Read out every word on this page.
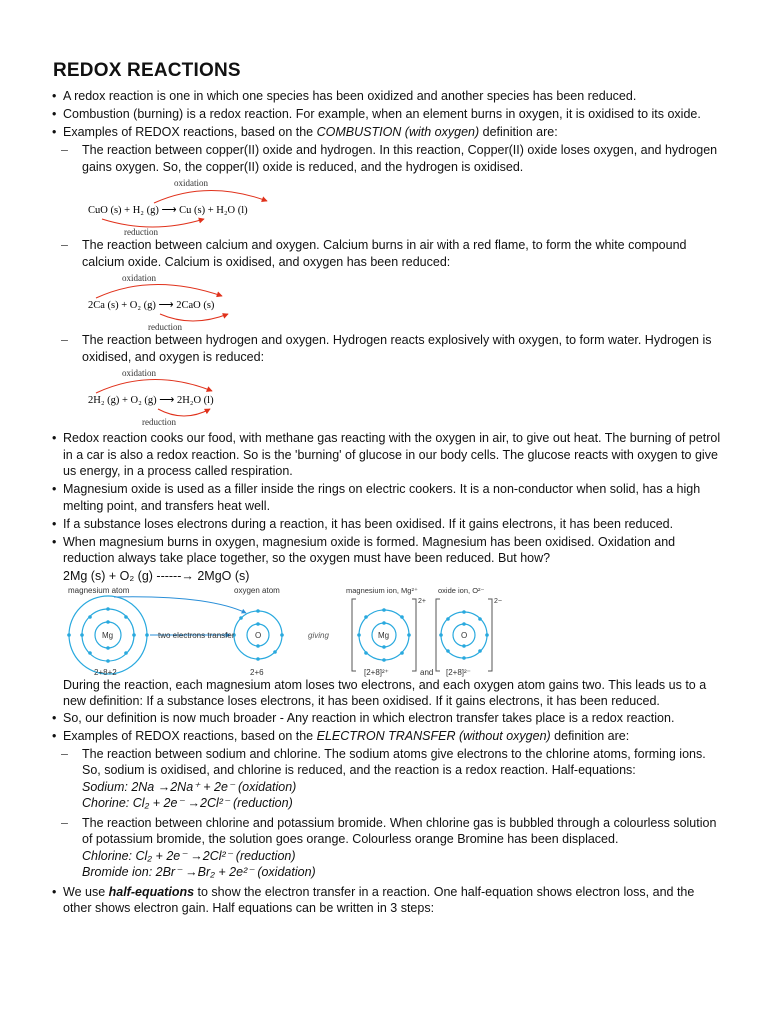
REDOX REACTIONS
• A redox reaction is one in which one species has been oxidized and another species has been reduced.
• Combustion (burning) is a redox reaction. For example, when an element burns in oxygen, it is oxidised to its oxide.
• Examples of REDOX reactions, based on the COMBUSTION (with oxygen) definition are:
– The reaction between copper(II) oxide and hydrogen. In this reaction, Copper(II) oxide loses oxygen, and hydrogen gains oxygen. So, the copper(II) oxide is reduced, and the hydrogen is oxidised.
oxidation
CuO (s) + H₂ (g) ⟶ Cu (s) + H₂O (l)
reduction
– The reaction between calcium and oxygen. Calcium burns in air with a red flame, to form the white compound calcium oxide. Calcium is oxidised, and oxygen has been reduced:
oxidation
2Ca (s) + O₂ (g) ⟶ 2CaO (s)
reduction
– The reaction between hydrogen and oxygen. Hydrogen reacts explosively with oxygen, to form water. Hydrogen is oxidised, and oxygen is reduced:
oxidation
2H₂ (g) + O₂ (g) ⟶ 2H₂O (l)
reduction
• Redox reaction cooks our food, with methane gas reacting with the oxygen in air, to give out heat. The burning of petrol in a car is also a redox reaction. So is the 'burning' of glucose in our body cells. The glucose reacts with oxygen to give us energy, in a process called respiration.
• Magnesium oxide is used as a filler inside the rings on electric cookers. It is a non-conductor when solid, has a high melting point, and transfers heat well.
• If a substance loses electrons during a reaction, it has been oxidised. If it gains electrons, it has been reduced.
• When magnesium burns in oxygen, magnesium oxide is formed. Magnesium has been oxidised. Oxidation and reduction always take place together, so the oxygen must have been reduced. But how?
2Mg (s) + O₂ (g) ------→ 2MgO (s)
magnesium atom	oxygen atom	magnesium ion, Mg²⁺	oxide ion, O²⁻
Mg	O
two electrons transfer	giving	Mg
2+
O
2−
2+8+2	2+6	[2+8]²⁺	and [2+8]²⁻
During the reaction, each magnesium atom loses two electrons, and each oxygen atom gains two. This leads us to a new definition: If a substance loses electrons, it has been oxidised. If it gains electrons, it has been reduced.
• So, our definition is now much broader - Any reaction in which electron transfer takes place is a redox reaction.
• Examples of REDOX reactions, based on the ELECTRON TRANSFER (without oxygen) definition are:
– The reaction between sodium and chlorine. The sodium atoms give electrons to the chlorine atoms, forming ions. So, sodium is oxidised, and chlorine is reduced, and the reaction is a redox reaction. Half-equations:
Sodium: 2Na →2Na⁺ + 2e⁻ (oxidation)
Chorine: Cl₂ + 2e⁻ →2Cl²⁻ (reduction)
– The reaction between chlorine and potassium bromide. When chlorine gas is bubbled through a colourless solution of potassium bromide, the solution goes orange. Colourless orange Bromine has been displaced.
Chlorine: Cl₂ + 2e⁻ →2Cl²⁻ (reduction)
Bromide ion: 2Br⁻ →Br₂ + 2e²⁻ (oxidation)
• We use half-equations to show the electron transfer in a reaction. One half-equation shows electron loss, and the other shows electron gain. Half equations can be written in 3 steps:
